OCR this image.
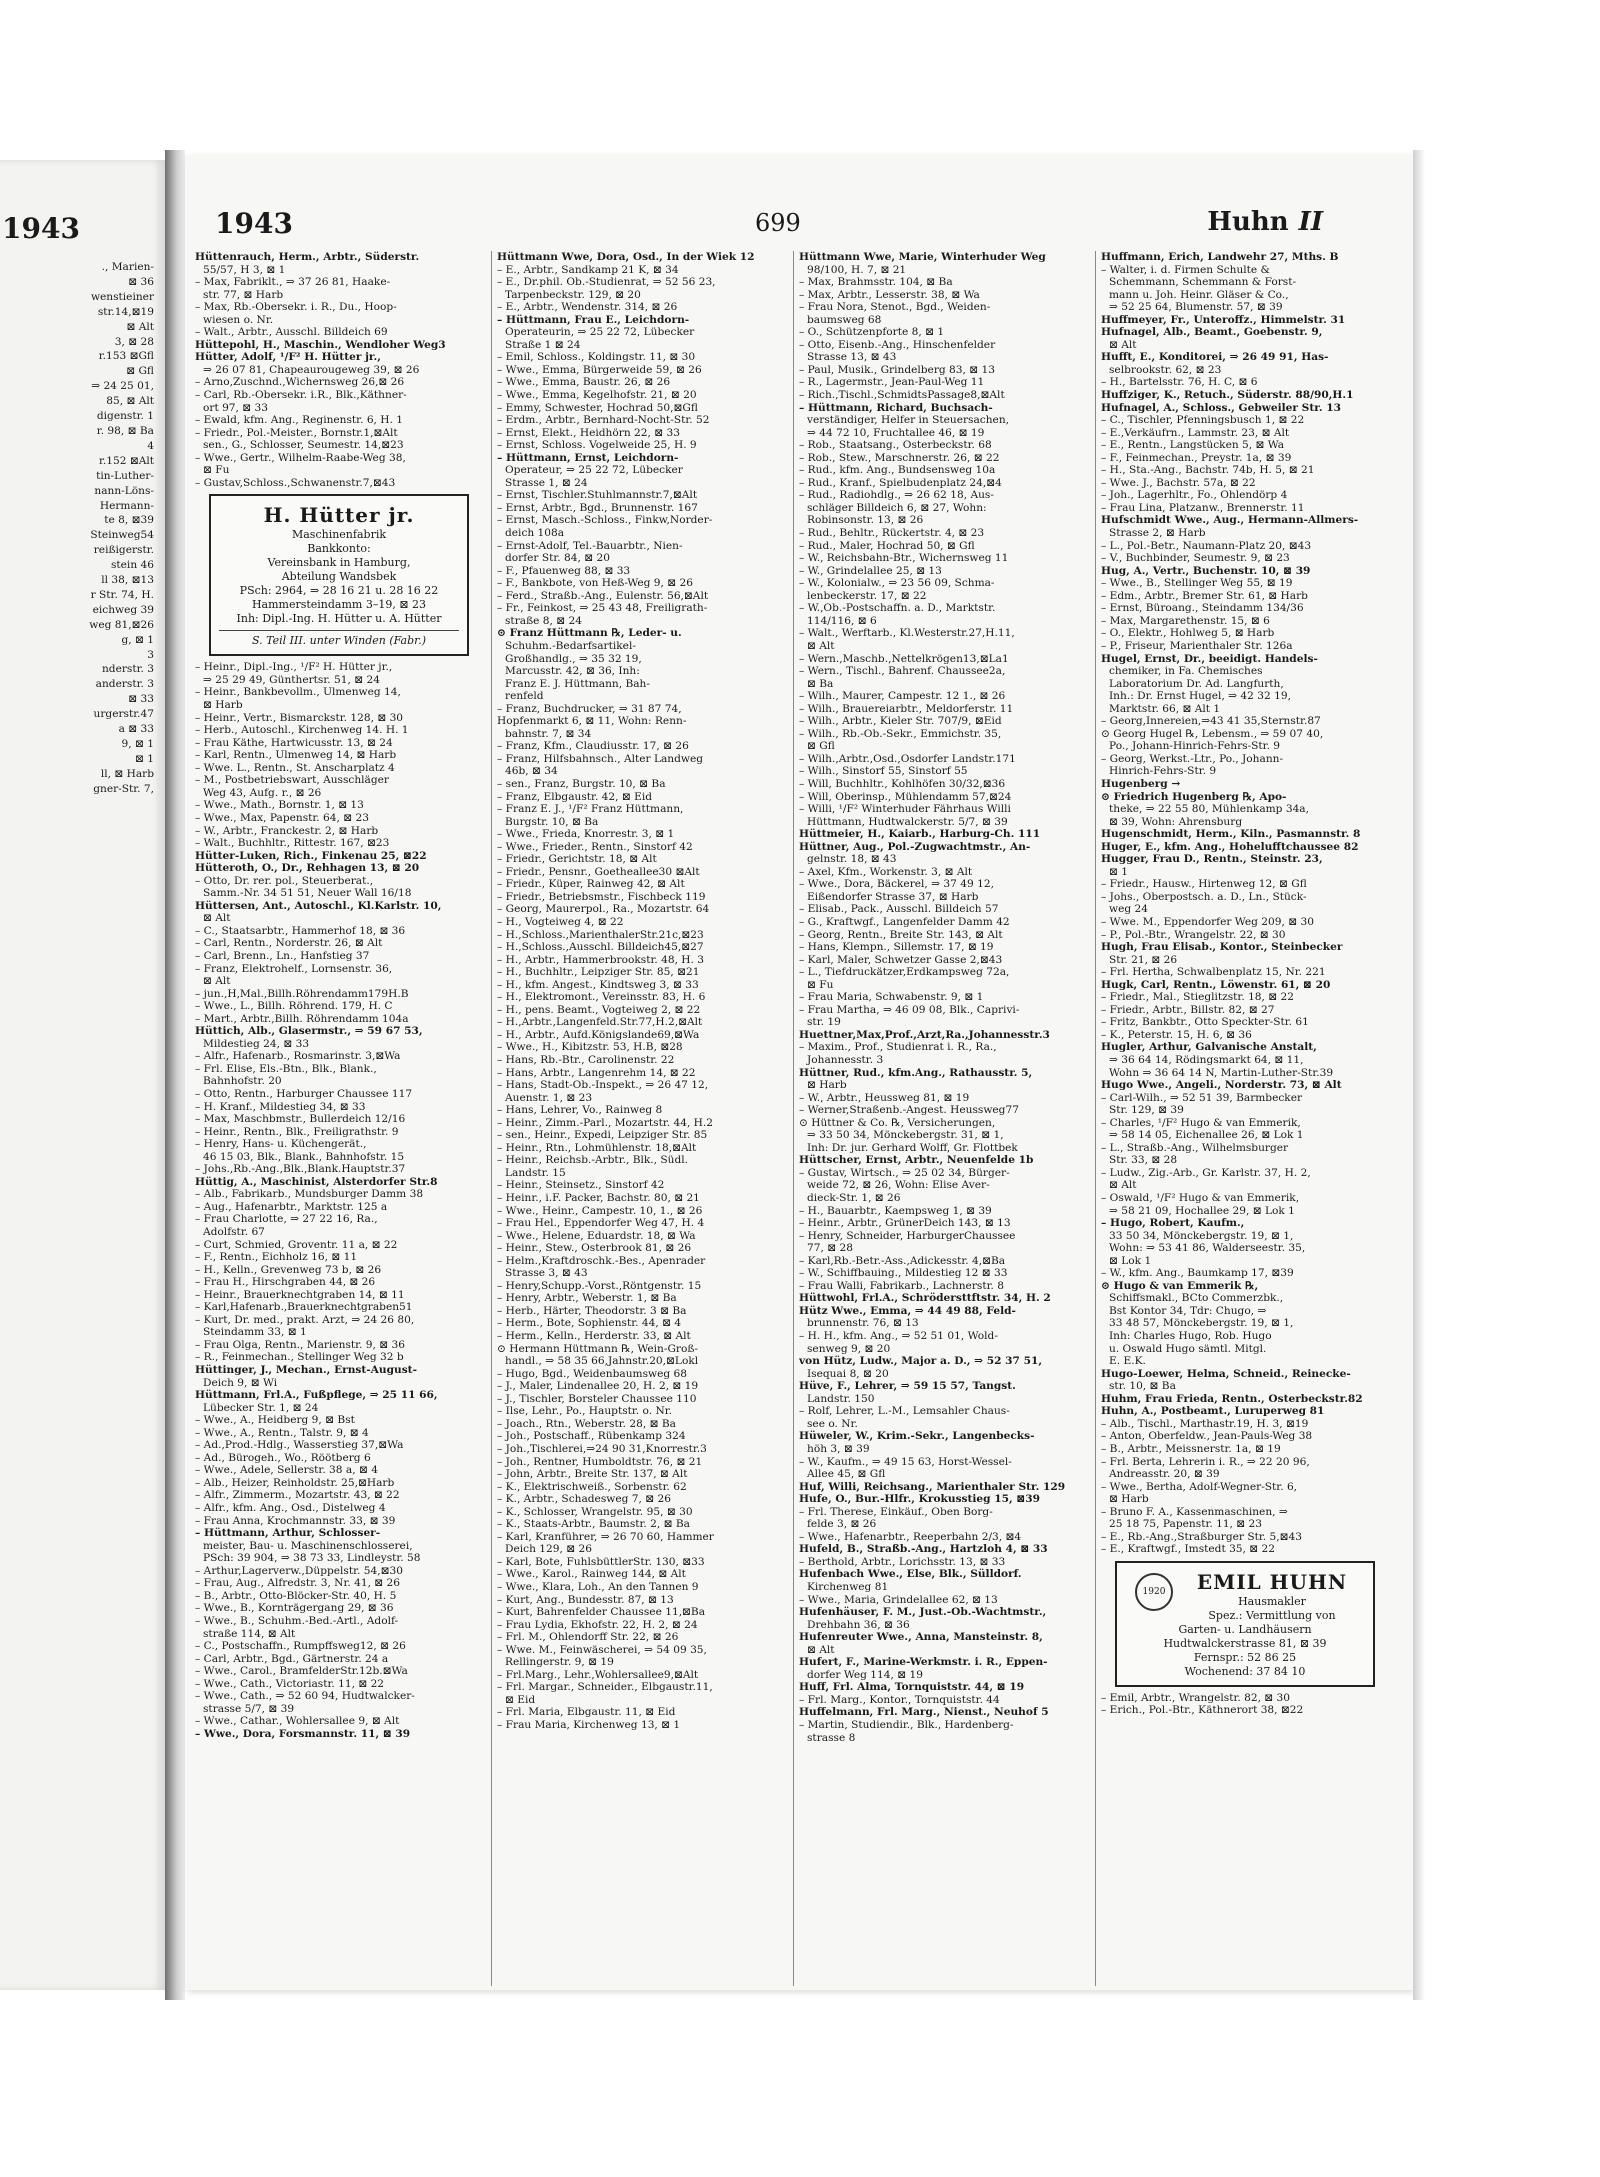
1943
., Marien-
⊠ 36
wenstieiner
str.14,⊠19
⊠ Alt
3, ⊠ 28
r.153 ⊠Gfl
⊠ Gfl
⇒ 24 25 01,
85, ⊠ Alt
digenstr. 1
r. 98, ⊠ Ba
4
r.152 ⊠Alt
tin-Luther-
nann-Löns-
Hermann-
te 8, ⊠39
Steinweg54
reißigerstr.
stein 46
ll 38, ⊠13
r Str. 74, H.
eichweg 39
weg 81,⊠26
g, ⊠ 1
3
nderstr. 3
anderstr. 3
⊠ 33
urgerstr.47
a ⊠ 33
9, ⊠ 1
⊠ 1
ll, ⊠ Harb
gner-Str. 7,
1943	699	Huhn II
Hüttenrauch, Herm., Arbtr., Süderstr.
55/57, H 3, ⊠ 1
– Max, Fabriklt., ⇒ 37 26 81, Haake-
str. 77, ⊠ Harb
– Max, Rb.-Obersekr. i. R., Du., Hoop-
wiesen o. Nr.
– Walt., Arbtr., Ausschl. Billdeich 69
Hüttepohl, H., Maschin., Wendloher Weg3
Hütter, Adolf, ¹/F² H. Hütter jr.,
⇒ 26 07 81, Chapeaurougeweg 39, ⊠ 26
– Arno,Zuschnd.,Wichernsweg 26,⊠ 26
– Carl, Rb.-Obersekr. i.R., Blk.,Käthner-
ort 97, ⊠ 33
– Ewald, kfm. Ang., Reginenstr. 6, H. 1
– Friedr., Pol.-Meister., Bornstr.1,⊠Alt
sen., G., Schlosser, Seumestr. 14,⊠23
– Wwe., Gertr., Wilhelm-Raabe-Weg 38,
⊠ Fu
– Gustav,Schloss.,Schwanenstr.7,⊠43
H. Hütter jr.
Maschinenfabrik
Bankkonto:
Vereinsbank in Hamburg,
Abteilung Wandsbek
PSch: 2964, ⇒ 28 16 21 u. 28 16 22
Hammersteindamm 3–19, ⊠ 23
Inh: Dipl.-Ing. H. Hütter u. A. Hütter
S. Teil III. unter Winden (Fabr.)
– Heinr., Dipl.-Ing., ¹/F² H. Hütter jr.,
⇒ 25 29 49, Günthertsr. 51, ⊠ 24
– Heinr., Bankbevollm., Ulmenweg 14,
⊠ Harb
– Heinr., Vertr., Bismarckstr. 128, ⊠ 30
– Herb., Autoschl., Kirchenweg 14. H. 1
– Frau Käthe, Hartwicusstr. 13, ⊠ 24
– Karl, Rentn., Ulmenweg 14, ⊠ Harb
– Wwe. L., Rentn., St. Anscharplatz 4
– M., Postbetriebswart, Ausschläger
Weg 43, Aufg. r., ⊠ 26
– Wwe., Math., Bornstr. 1, ⊠ 13
– Wwe., Max, Papenstr. 64, ⊠ 23
– W., Arbtr., Franckestr. 2, ⊠ Harb
– Walt., Buchhltr., Rittestr. 167, ⊠23
Hütter-Luken, Rich., Finkenau 25, ⊠22
Hütteroth, O., Dr., Rehhagen 13, ⊠ 20
– Otto, Dr. rer. pol., Steuerberat.,
Samm.-Nr. 34 51 51, Neuer Wall 16/18
Hüttersen, Ant., Autoschl., Kl.Karlstr. 10,
⊠ Alt
– C., Staatsarbtr., Hammerhof 18, ⊠ 36
– Carl, Rentn., Norderstr. 26, ⊠ Alt
– Carl, Brenn., Ln., Hanfstieg 37
– Franz, Elektrohelf., Lornsenstr. 36,
⊠ Alt
– jun.,H,Mal.,Billh.Röhrendamm179H.B
– Wwe., L., Billh. Röhrend. 179, H. C
– Mart., Arbtr.,Billh. Röhrendamm 104a
Hüttich, Alb., Glasermstr., ⇒ 59 67 53,
Mildestieg 24, ⊠ 33
– Alfr., Hafenarb., Rosmarinstr. 3,⊠Wa
– Frl. Elise, Els.-Btn., Blk., Blank.,
Bahnhofstr. 20
– Otto, Rentn., Harburger Chaussee 117
– H. Kranf., Mildestieg 34, ⊠ 33
– Max, Maschbmstr., Bullerdeich 12/16
– Heinr., Rentn., Blk., Freiligrathstr. 9
– Henry, Hans- u. Küchengerät.,
46 15 03, Blk., Blank., Bahnhofstr. 15
– Johs.,Rb.-Ang.,Blk.,Blank.Hauptstr.37
Hüttig, A., Maschinist, Alsterdorfer Str.8
– Alb., Fabrikarb., Mundsburger Damm 38
– Aug., Hafenarbtr., Marktstr. 125 a
– Frau Charlotte, ⇒ 27 22 16, Ra.,
Adolfstr. 67
– Curt, Schmied, Groventr. 11 a, ⊠ 22
– F., Rentn., Eichholz 16, ⊠ 11
– H., Kelln., Grevenweg 73 b, ⊠ 26
– Frau H., Hirschgraben 44, ⊠ 26
– Heinr., Brauerknechtgraben 14, ⊠ 11
– Karl,Hafenarb.,Brauerknechtgraben51
– Kurt, Dr. med., prakt. Arzt, ⇒ 24 26 80,
Steindamm 33, ⊠ 1
– Frau Olga, Rentn., Marienstr. 9, ⊠ 36
– R., Feinmechan., Stellinger Weg 32 b
Hüttinger, J., Mechan., Ernst-August-
Deich 9, ⊠ Wi
Hüttmann, Frl.A., Fußpflege, ⇒ 25 11 66,
Lübecker Str. 1, ⊠ 24
– Wwe., A., Heidberg 9, ⊠ Bst
– Wwe., A., Rentn., Talstr. 9, ⊠ 4
– Ad.,Prod.-Hdlg., Wasserstieg 37,⊠Wa
– Ad., Bürogeh., Wo., Röötberg 6
– Wwe., Adele, Sellerstr. 38 a, ⊠ 4
– Alb., Heizer, Reinholdstr. 25,⊠Harb
– Alfr., Zimmerm., Mozartstr. 43, ⊠ 22
– Alfr., kfm. Ang., Osd., Distelweg 4
– Frau Anna, Krochmannstr. 33, ⊠ 39
– Hüttmann, Arthur, Schlosser-
meister, Bau- u. Maschinenschlosserei,
PSch: 39 904, ⇒ 38 73 33, Lindleystr. 58
– Arthur,Lagerverw.,Düppelstr. 54,⊠30
– Frau, Aug., Alfredstr. 3, Nr. 41, ⊠ 26
– B., Arbtr., Otto-Blöcker-Str. 40, H. 5
– Wwe., B., Kornträgergang 29, ⊠ 36
– Wwe., B., Schuhm.-Bed.-Artl., Adolf-
straße 114, ⊠ Alt
– C., Postschaffn., Rumpffsweg12, ⊠ 26
– Carl, Arbtr., Bgd., Gärtnerstr. 24 a
– Wwe., Carol., BramfelderStr.12b.⊠Wa
– Wwe., Cath., Victoriastr. 11, ⊠ 22
– Wwe., Cath., ⇒ 52 60 94, Hudtwalcker-
strasse 5/7, ⊠ 39
– Wwe., Cathar., Wohlersallee 9, ⊠ Alt
– Wwe., Dora, Forsmannstr. 11, ⊠ 39
Hüttmann Wwe, Dora, Osd., In der Wiek 12
– E., Arbtr., Sandkamp 21 K, ⊠ 34
– E., Dr.phil. Ob.-Studienrat, ⇒ 52 56 23,
Tarpenbeckstr. 129, ⊠ 20
– E., Arbtr., Wendenstr. 314, ⊠ 26
– Hüttmann, Frau E., Leichdorn-
Operateurin, ⇒ 25 22 72, Lübecker
Straße 1 ⊠ 24
– Emil, Schloss., Koldingstr. 11, ⊠ 30
– Wwe., Emma, Bürgerweide 59, ⊠ 26
– Wwe., Emma, Baustr. 26, ⊠ 26
– Wwe., Emma, Kegelhofstr. 21, ⊠ 20
– Emmy, Schwester, Hochrad 50,⊠Gfl
– Erdm., Arbtr., Bernhard-Nocht-Str. 52
– Ernst, Elekt., Heidhörn 22, ⊠ 33
– Ernst, Schloss. Vogelweide 25, H. 9
– Hüttmann, Ernst, Leichdorn-
Operateur, ⇒ 25 22 72, Lübecker
Strasse 1, ⊠ 24
– Ernst, Tischler.Stuhlmannstr.7,⊠Alt
– Ernst, Arbtr., Bgd., Brunnenstr. 167
– Ernst, Masch.-Schloss., Finkw,Norder-
deich 108a
– Ernst-Adolf, Tel.-Bauarbtr., Nien-
dorfer Str. 84, ⊠ 20
– F., Pfauenweg 88, ⊠ 33
– F., Bankbote, von Heß-Weg 9, ⊠ 26
– Ferd., Straßb.-Ang., Eulenstr. 56,⊠Alt
– Fr., Feinkost, ⇒ 25 43 48, Freiligrath-
straße 8, ⊠ 24
⊙ Franz Hüttmann ℞, Leder- u.
Schuhm.-Bedarfsartikel-
Großhandlg., ⇒ 35 32 19,
Marcusstr. 42, ⊠ 36, Inh:
Franz E. J. Hüttmann, Bah-
renfeld
– Franz, Buchdrucker, ⇒ 31 87 74,
Hopfenmarkt 6, ⊠ 11, Wohn: Renn-
bahnstr. 7, ⊠ 34
– Franz, Kfm., Claudiusstr. 17, ⊠ 26
– Franz, Hilfsbahnsch., Alter Landweg
46b, ⊠ 34
– sen., Franz, Burgstr. 10, ⊠ Ba
– Franz, Elbgaustr. 42, ⊠ Eid
– Franz E. J., ¹/F² Franz Hüttmann,
Burgstr. 10, ⊠ Ba
– Wwe., Frieda, Knorrestr. 3, ⊠ 1
– Wwe., Frieder., Rentn., Sinstorf 42
– Friedr., Gerichtstr. 18, ⊠ Alt
– Friedr., Pensnr., Goetheallee30 ⊠Alt
– Friedr., Küper, Rainweg 42, ⊠ Alt
– Friedr., Betriebsmstr., Fischbeck 119
– Georg, Maurerpol., Ra., Mozartstr. 64
– H., Vogteiweg 4, ⊠ 22
– H.,Schloss.,MarienthalerStr.21c,⊠23
– H.,Schloss.,Ausschl. Billdeich45,⊠27
– H., Arbtr., Hammerbrookstr. 48, H. 3
– H., Buchhltr., Leipziger Str. 85, ⊠21
– H., kfm. Angest., Kindtsweg 3, ⊠ 33
– H., Elektromont., Vereinsstr. 83, H. 6
– H., pens. Beamt., Vogteiweg 2, ⊠ 22
– H.,Arbtr.,Langenfeld.Str.77,H.2,⊠Alt
– H., Arbtr., Aufd.Königslande69,⊠Wa
– Wwe., H., Kibitzstr. 53, H.B, ⊠28
– Hans, Rb.-Btr., Carolinenstr. 22
– Hans, Arbtr., Langenrehm 14, ⊠ 22
– Hans, Stadt-Ob.-Inspekt., ⇒ 26 47 12,
Auenstr. 1, ⊠ 23
– Hans, Lehrer, Vo., Rainweg 8
– Heinr., Zimm.-Parl., Mozartstr. 44, H.2
– sen., Heinr., Expedi, Leipziger Str. 85
– Heinr., Rtn., Lohmühlenstr. 18,⊠Alt
– Heinr., Reichsb.-Arbtr., Blk., Südl.
Landstr. 15
– Heinr., Steinsetz., Sinstorf 42
– Heinr., i.F. Packer, Bachstr. 80, ⊠ 21
– Wwe., Heinr., Campestr. 10, 1., ⊠ 26
– Frau Hel., Eppendorfer Weg 47, H. 4
– Wwe., Helene, Eduardstr. 18, ⊠ Wa
– Heinr., Stew., Osterbrook 81, ⊠ 26
– Helm.,Kraftdroschk.-Bes., Apenrader
Strasse 3, ⊠ 43
– Henry,Schupp.-Vorst.,Röntgenstr. 15
– Henry, Arbtr., Weberstr. 1, ⊠ Ba
– Herb., Härter, Theodorstr. 3 ⊠ Ba
– Herm., Bote, Sophienstr. 44, ⊠ 4
– Herm., Kelln., Herderstr. 33, ⊠ Alt
⊙ Hermann Hüttmann ℞, Wein-Groß-
handl., ⇒ 58 35 66,Jahnstr.20,⊠Lokl
– Hugo, Bgd., Weidenbaumsweg 68
– J., Maler, Lindenallee 20, H. 2, ⊠ 19
– J., Tischler, Borsteler Chaussee 110
– Ilse, Lehr., Po., Hauptstr. o. Nr.
– Joach., Rtn., Weberstr. 28, ⊠ Ba
– Joh., Postschaff., Rübenkamp 324
– Joh.,Tischlerei,⇒24 90 31,Knorrestr.3
– Joh., Rentner, Humboldtstr. 76, ⊠ 21
– John, Arbtr., Breite Str. 137, ⊠ Alt
– K., Elektrischweiß., Sorbenstr. 62
– K., Arbtr., Schadesweg 7, ⊠ 26
– K., Schlosser, Wrangelstr. 95, ⊠ 30
– K., Staats-Arbtr., Baumstr. 2, ⊠ Ba
– Karl, Kranführer, ⇒ 26 70 60, Hammer
Deich 129, ⊠ 26
– Karl, Bote, FuhlsbüttlerStr. 130, ⊠33
– Wwe., Karol., Rainweg 144, ⊠ Alt
– Wwe., Klara, Loh., An den Tannen 9
– Kurt, Ang., Bundesstr. 87, ⊠ 13
– Kurt, Bahrenfelder Chaussee 11,⊠Ba
– Frau Lydia, Ekhofstr. 22, H. 2, ⊠ 24
– Frl. M., Ohlendorff Str. 22, ⊠ 26
– Wwe. M., Feinwäscherei, ⇒ 54 09 35,
Rellingerstr. 9, ⊠ 19
– Frl.Marg., Lehr.,Wohlersallee9,⊠Alt
– Frl. Margar., Schneider., Elbgaustr.11,
⊠ Eid
– Frl. Maria, Elbgaustr. 11, ⊠ Eid
– Frau Maria, Kirchenweg 13, ⊠ 1
Hüttmann Wwe, Marie, Winterhuder Weg
98/100, H. 7, ⊠ 21
– Max, Brahmsstr. 104, ⊠ Ba
– Max, Arbtr., Lesserstr. 38, ⊠ Wa
– Frau Nora, Stenot., Bgd., Weiden-
baumsweg 68
– O., Schützenpforte 8, ⊠ 1
– Otto, Eisenb.-Ang., Hinschenfelder
Strasse 13, ⊠ 43
– Paul, Musik., Grindelberg 83, ⊠ 13
– R., Lagermstr., Jean-Paul-Weg 11
– Rich.,Tischl.,SchmidtsPassage8,⊠Alt
– Hüttmann, Richard, Buchsach-
verständiger, Helfer in Steuersachen,
⇒ 44 72 10, Fruchtallee 46, ⊠ 19
– Rob., Staatsang., Osterbeckstr. 68
– Rob., Stew., Marschnerstr. 26, ⊠ 22
– Rud., kfm. Ang., Bundsensweg 10a
– Rud., Kranf., Spielbudenplatz 24,⊠4
– Rud., Radiohdlg., ⇒ 26 62 18, Aus-
schläger Billdeich 6, ⊠ 27, Wohn:
Robinsonstr. 13, ⊠ 26
– Rud., Behltr., Rückertstr. 4, ⊠ 23
– Rud., Maler, Hochrad 50, ⊠ Gfl
– W., Reichsbahn-Btr., Wichernsweg 11
– W., Grindelallee 25, ⊠ 13
– W., Kolonialw., ⇒ 23 56 09, Schma-
lenbeckerstr. 17, ⊠ 22
– W.,Ob.-Postschaffn. a. D., Marktstr.
114/116, ⊠ 6
– Walt., Werftarb., Kl.Westerstr.27,H.11,
⊠ Alt
– Wern.,Maschb.,Nettelkrögen13,⊠La1
– Wern., Tischl., Bahrenf. Chaussee2a,
⊠ Ba
– Wilh., Maurer, Campestr. 12 1., ⊠ 26
– Wilh., Brauereiarbtr., Meldorferstr. 11
– Wilh., Arbtr., Kieler Str. 707/9, ⊠Eid
– Wilh., Rb.-Ob.-Sekr., Emmichstr. 35,
⊠ Gfl
– Wilh.,Arbtr.,Osd.,Osdorfer Landstr.171
– Wilh., Sinstorf 55, Sinstorf 55
– Will, Buchhltr., Kohlhöfen 30/32,⊠36
– Will, Oberinsp., Mühlendamm 57,⊠24
– Willi, ¹/F² Winterhuder Fährhaus Willi
Hüttmann, Hudtwalckerstr. 5/7, ⊠ 39
Hüttmeier, H., Kaiarb., Harburg-Ch. 111
Hüttner, Aug., Pol.-Zugwachtmstr., An-
gelnstr. 18, ⊠ 43
– Axel, Kfm., Workenstr. 3, ⊠ Alt
– Wwe., Dora, Bäckerel, ⇒ 37 49 12,
Eißendorfer Strasse 37, ⊠ Harb
– Elisab., Pack., Ausschl. Billdeich 57
– G., Kraftwgf., Langenfelder Damm 42
– Georg, Rentn., Breite Str. 143, ⊠ Alt
– Hans, Klempn., Sillemstr. 17, ⊠ 19
– Karl, Maler, Schwetzer Gasse 2,⊠43
– L., Tiefdruckätzer,Erdkampsweg 72a,
⊠ Fu
– Frau Maria, Schwabenstr. 9, ⊠ 1
– Frau Martha, ⇒ 46 09 08, Blk., Caprivi-
str. 19
Huettner,Max,Prof.,Arzt,Ra.,Johannesstr.3
– Maxim., Prof., Studienrat i. R., Ra.,
Johannesstr. 3
Hüttner, Rud., kfm.Ang., Rathausstr. 5,
⊠ Harb
– W., Arbtr., Heussweg 81, ⊠ 19
– Werner,Straßenb.-Angest. Heussweg77
⊙ Hüttner & Co. ℞, Versicherungen,
⇒ 33 50 34, Mönckebergstr. 31, ⊠ 1,
Inh: Dr. jur. Gerhard Wolff, Gr. Flottbek
Hüttscher, Ernst, Arbtr., Neuenfelde 1b
– Gustav, Wirtsch., ⇒ 25 02 34, Bürger-
weide 72, ⊠ 26, Wohn: Elise Aver-
dieck-Str. 1, ⊠ 26
– H., Bauarbtr., Kaempsweg 1, ⊠ 39
– Heinr., Arbtr., GrünerDeich 143, ⊠ 13
– Henry, Schneider, HarburgerChaussee
77, ⊠ 28
– Karl,Rb.-Betr.-Ass.,Adickesstr. 4,⊠Ba
– W., Schiffbauing., Mildestieg 12 ⊠ 33
– Frau Walli, Fabrikarb., Lachnerstr. 8
Hüttwohl, Frl.A., Schrödersttftstr. 34, H. 2
Hütz Wwe., Emma, ⇒ 44 49 88, Feld-
brunnenstr. 76, ⊠ 13
– H. H., kfm. Ang., ⇒ 52 51 01, Wold-
senweg 9, ⊠ 20
von Hütz, Ludw., Major a. D., ⇒ 52 37 51,
Isequai 8, ⊠ 20
Hüve, F., Lehrer, ⇒ 59 15 57, Tangst.
Landstr. 150
– Rolf, Lehrer, L.-M., Lemsahler Chaus-
see o. Nr.
Hüweler, W., Krim.-Sekr., Langenbecks-
höh 3, ⊠ 39
– W., Kaufm., ⇒ 49 15 63, Horst-Wessel-
Allee 45, ⊠ Gfl
Huf, Willi, Reichsang., Marienthaler Str. 129
Hufe, O., Bur.-Hlfr., Krokusstieg 15, ⊠39
– Frl. Therese, Einkäuf., Oben Borg-
felde 3, ⊠ 26
– Wwe., Hafenarbtr., Reeperbahn 2/3, ⊠4
Hufeld, B., Straßb.-Ang., Hartzloh 4, ⊠ 33
– Berthold, Arbtr., Lorichsstr. 13, ⊠ 33
Hufenbach Wwe., Else, Blk., Sülldorf.
Kirchenweg 81
– Wwe., Maria, Grindelallee 62, ⊠ 13
Hufenhäuser, F. M., Just.-Ob.-Wachtmstr.,
Drehbahn 36, ⊠ 36
Hufenreuter Wwe., Anna, Mansteinstr. 8,
⊠ Alt
Hufert, F., Marine-Werkmstr. i. R., Eppen-
dorfer Weg 114, ⊠ 19
Huff, Frl. Alma, Tornquiststr. 44, ⊠ 19
– Frl. Marg., Kontor., Tornquiststr. 44
Huffelmann, Frl. Marg., Nienst., Neuhof 5
– Martin, Studiendir., Blk., Hardenberg-
strasse 8
Huffmann, Erich, Landwehr 27, Mths. B
– Walter, i. d. Firmen Schulte &
Schemmann, Schemmann & Forst-
mann u. Joh. Heinr. Gläser & Co.,
⇒ 52 25 64, Blumenstr. 57, ⊠ 39
Huffmeyer, Fr., Unteroffz., Himmelstr. 31
Hufnagel, Alb., Beamt., Goebenstr. 9,
⊠ Alt
Hufft, E., Konditorei, ⇒ 26 49 91, Has-
selbrookstr. 62, ⊠ 23
– H., Bartelsstr. 76, H. C, ⊠ 6
Huffziger, K., Retuch., Süderstr. 88/90,H.1
Hufnagel, A., Schloss., Gebweiler Str. 13
– C., Tischler, Pfenningsbusch 1, ⊠ 22
– E.,Verkäufrn., Lammstr. 23, ⊠ Alt
– E., Rentn., Langstücken 5, ⊠ Wa
– F., Feinmechan., Preystr. 1a, ⊠ 39
– H., Sta.-Ang., Bachstr. 74b, H. 5, ⊠ 21
– Wwe. J., Bachstr. 57a, ⊠ 22
– Joh., Lagerhltr., Fo., Ohlendörp 4
– Frau Lina, Platzanw., Brennerstr. 11
Hufschmidt Wwe., Aug., Hermann-Allmers-
Strasse 2, ⊠ Harb
– L., Pol.-Betr., Naumann-Platz 20, ⊠43
– V., Buchbinder, Seumestr. 9, ⊠ 23
Hug, A., Vertr., Buchenstr. 10, ⊠ 39
– Wwe., B., Stellinger Weg 55, ⊠ 19
– Edm., Arbtr., Bremer Str. 61, ⊠ Harb
– Ernst, Büroang., Steindamm 134/36
– Max, Margarethenstr. 15, ⊠ 6
– O., Elektr., Hohlweg 5, ⊠ Harb
– P., Friseur, Marienthaler Str. 126a
Hugel, Ernst, Dr., beeidigt. Handels-
chemiker, in Fa. Chemisches
Laboratorium Dr. Ad. Langfurth,
Inh.: Dr. Ernst Hugel, ⇒ 42 32 19,
Marktstr. 66, ⊠ Alt 1
– Georg,Innereien,⇒43 41 35,Sternstr.87
⊙ Georg Hugel ℞, Lebensm., ⇒ 59 07 40,
Po., Johann-Hinrich-Fehrs-Str. 9
– Georg, Werkst.-Ltr., Po., Johann-
Hinrich-Fehrs-Str. 9
Hugenberg →
⊙ Friedrich Hugenberg ℞, Apo-
theke, ⇒ 22 55 80, Mühlenkamp 34a,
⊠ 39, Wohn: Ahrensburg
Hugenschmidt, Herm., Kiln., Pasmannstr. 8
Huger, E., kfm. Ang., Hohelufftchaussee 82
Hugger, Frau D., Rentn., Steinstr. 23,
⊠ 1
– Friedr., Hausw., Hirtenweg 12, ⊠ Gfl
– Johs., Oberpostsch. a. D., Ln., Stück-
weg 24
– Wwe. M., Eppendorfer Weg 209, ⊠ 30
– P., Pol.-Btr., Wrangelstr. 22, ⊠ 30
Hugh, Frau Elisab., Kontor., Steinbecker
Str. 21, ⊠ 26
– Frl. Hertha, Schwalbenplatz 15, Nr. 221
Hugk, Carl, Rentn., Löwenstr. 61, ⊠ 20
– Friedr., Mal., Stieglitzstr. 18, ⊠ 22
– Friedr., Arbtr., Billstr. 82, ⊠ 27
– Fritz, Bankbtr., Otto Speckter-Str. 61
– K., Peterstr. 15, H. 6, ⊠ 36
Hugler, Arthur, Galvanische Anstalt,
⇒ 36 64 14, Rödingsmarkt 64, ⊠ 11,
Wohn ⇒ 36 64 14 N, Martin-Luther-Str.39
Hugo Wwe., Angeli., Norderstr. 73, ⊠ Alt
– Carl-Wilh., ⇒ 52 51 39, Barmbecker
Str. 129, ⊠ 39
– Charles, ¹/F² Hugo & van Emmerik,
⇒ 58 14 05, Eichenallee 26, ⊠ Lok 1
– L., Straßb.-Ang., Wilhelmsburger
Str. 33, ⊠ 28
– Ludw., Zig.-Arb., Gr. Karlstr. 37, H. 2,
⊠ Alt
– Oswald, ¹/F² Hugo & van Emmerik,
⇒ 58 21 09, Hochallee 29, ⊠ Lok 1
– Hugo, Robert, Kaufm.,
33 50 34, Mönckebergstr. 19, ⊠ 1,
Wohn: ⇒ 53 41 86, Walderseestr. 35,
⊠ Lok 1
– W., kfm. Ang., Baumkamp 17, ⊠39
⊙ Hugo & van Emmerik ℞,
Schiffsmakl., BCto Commerzbk.,
Bst Kontor 34, Tdr: Chugo, ⇒
33 48 57, Mönckebergstr. 19, ⊠ 1,
Inh: Charles Hugo, Rob. Hugo
u. Oswald Hugo sämtl. Mitgl.
E. E.K.
Hugo-Loewer, Helma, Schneid., Reinecke-
str. 10, ⊠ Ba
Huhm, Frau Frieda, Rentn., Osterbeckstr.82
Huhn, A., Postbeamt., Luruperweg 81
– Alb., Tischl., Marthastr.19, H. 3, ⊠19
– Anton, Oberfeldw., Jean-Pauls-Weg 38
– B., Arbtr., Meissnerstr. 1a, ⊠ 19
– Frl. Berta, Lehrerin i. R., ⇒ 22 20 96,
Andreasstr. 20, ⊠ 39
– Wwe., Bertha, Adolf-Wegner-Str. 6,
⊠ Harb
– Bruno F. A., Kassenmaschinen, ⇒
25 18 75, Papenstr. 11, ⊠ 23
– E., Rb.-Ang.,Straßburger Str. 5,⊠43
– E., Kraftwgf., Imstedt 35, ⊠ 22
1920	EMIL HUHN
Hausmakler
Spez.: Vermittlung von
Garten- u. Landhäusern
Hudtwalckerstrasse 81, ⊠ 39
Fernspr.: 52 86 25
Wochenend: 37 84 10
– Emil, Arbtr., Wrangelstr. 82, ⊠ 30
– Erich., Pol.-Btr., Käthnerort 38, ⊠22
